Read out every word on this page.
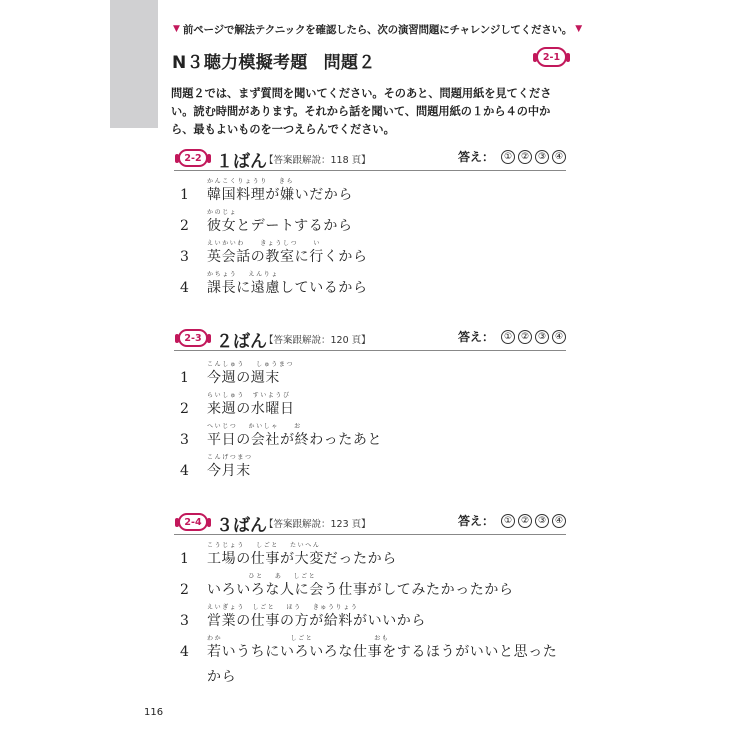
▼ 前ページで解法テクニックを確認したら、次の演習問題にチャレンジしてください。 ▼
N３聴力模擬考題 問題２	2-1

問題２では、まず質問を聞いてください。そのあと、問題用紙を見てください。読む時間があります。それから話を聞いて、問題用紙の１から４の中から、最もよいものを一つえらんでください。

2-2 １ばん
【答案跟解說：118 頁】	答え：	① ② ③ ④
1
かんこくりょうり　 きら
韓国料理が嫌いだから
2
かのじょ
彼女とデートするから
3
えいかいわ　　きょうしつ　　い
英会話の教室に行くから
4
かちょう　 えんりょ
課長に遠慮しているから
2-3 ２ばん
【答案跟解說：120 頁】	答え：	① ② ③ ④
1
こんしゅう　 しゅうまつ
今週の週末
2
らいしゅう　すいようび
来週の水曜日
3
へいじつ　 かいしゃ　　お
平日の会社が終わったあと
4
こんげつまつ
今月末
2-4 ３ばん
【答案跟解說：123 頁】	答え：	① ② ③ ④
1
こうじょう　 しごと　 たいへん
工場の仕事が大変だったから
2
　　　　　 ひと　 あ　 しごと
いろいろな人に会う仕事がしてみたかったから
3
えいぎょう　しごと　 ほう　 きゅうりょう
営業の仕事の方が給料がいいから
4
わか　　　　　　　　　しごと　　　　　　　　おも
若いうちにいろいろな仕事をするほうがいいと思った
から
116
